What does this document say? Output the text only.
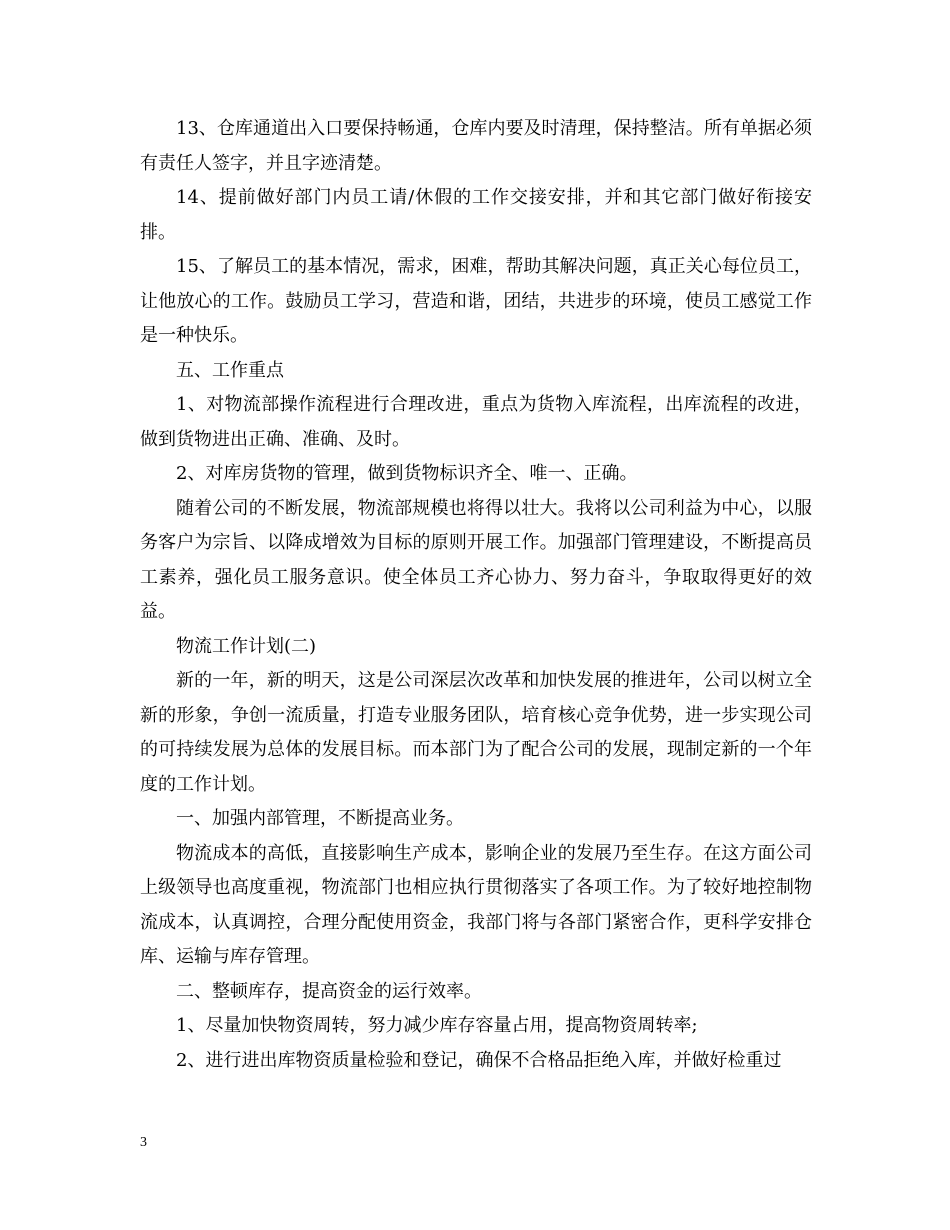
13、仓库通道出入口要保持畅通，仓库内要及时清理，保持整洁。所有单据必须有责任人签字，并且字迹清楚。

14、提前做好部门内员工请/休假的工作交接安排，并和其它部门做好衔接安排。

15、了解员工的基本情况，需求，困难，帮助其解决问题，真正关心每位员工，让他放心的工作。鼓励员工学习，营造和谐，团结，共进步的环境，使员工感觉工作是一种快乐。

五、工作重点

1、对物流部操作流程进行合理改进，重点为货物入库流程，出库流程的改进，做到货物进出正确、准确、及时。

2、对库房货物的管理，做到货物标识齐全、唯一、正确。

随着公司的不断发展，物流部规模也将得以壮大。我将以公司利益为中心，以服务客户为宗旨、以降成增效为目标的原则开展工作。加强部门管理建设，不断提高员工素养，强化员工服务意识。使全体员工齐心协力、努力奋斗，争取取得更好的效益。

物流工作计划(二)

新的一年，新的明天，这是公司深层次改革和加快发展的推进年，公司以树立全新的形象，争创一流质量，打造专业服务团队，培育核心竞争优势，进一步实现公司的可持续发展为总体的发展目标。而本部门为了配合公司的发展，现制定新的一个年度的工作计划。

一、加强内部管理，不断提高业务。

物流成本的高低，直接影响生产成本，影响企业的发展乃至生存。在这方面公司上级领导也高度重视，物流部门也相应执行贯彻落实了各项工作。为了较好地控制物流成本，认真调控，合理分配使用资金，我部门将与各部门紧密合作，更科学安排仓库、运输与库存管理。

二、整顿库存，提高资金的运行效率。

1、尽量加快物资周转，努力减少库存容量占用，提高物资周转率;

2、进行进出库物资质量检验和登记，确保不合格品拒绝入库，并做好检重过

3
